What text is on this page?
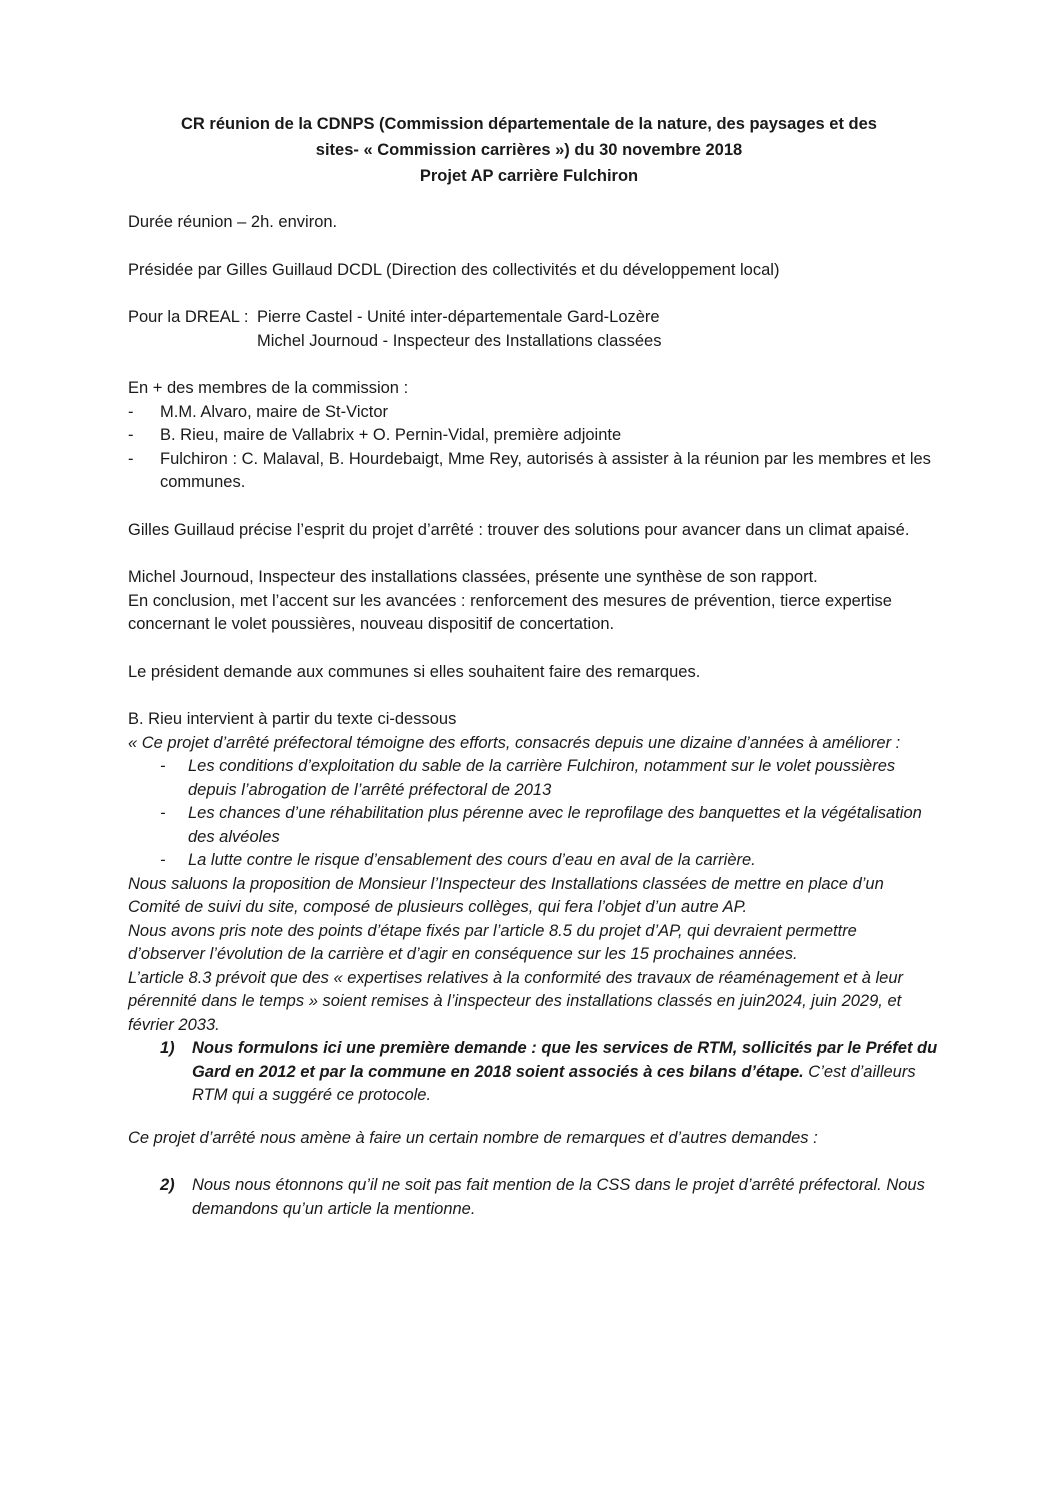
CR réunion de la CDNPS (Commission départementale de la nature, des paysages et des
sites- « Commission carrières ») du 30 novembre 2018
Projet AP carrière Fulchiron

Durée réunion – 2h. environ.

Présidée par Gilles Guillaud DCDL (Direction des collectivités et du développement local)

Pour la DREAL : Pierre Castel - Unité inter-départementale Gard-Lozère
Michel Journoud - Inspecteur des Installations classées

En + des membres de la commission :

- M.M. Alvaro, maire de St-Victor
- B. Rieu, maire de Vallabrix + O. Pernin-Vidal, première adjointe
- Fulchiron : C. Malaval, B. Hourdebaigt, Mme Rey, autorisés à assister à la réunion par les membres et les communes.

Gilles Guillaud précise l’esprit du projet d’arrêté : trouver des solutions pour avancer dans un climat apaisé.

Michel Journoud, Inspecteur des installations classées, présente une synthèse de son rapport.

En conclusion, met l’accent sur les avancées : renforcement des mesures de prévention, tierce expertise concernant le volet poussières, nouveau dispositif de concertation.

Le président demande aux communes si elles souhaitent faire des remarques.

B. Rieu intervient à partir du texte ci-dessous

« Ce projet d’arrêté préfectoral témoigne des efforts, consacrés depuis une dizaine d’années à améliorer :

- Les conditions d’exploitation du sable de la carrière Fulchiron, notamment sur le volet poussières depuis l’abrogation de l’arrêté préfectoral de 2013
- Les chances d’une réhabilitation plus pérenne avec le reprofilage des banquettes et la végétalisation des alvéoles
- La lutte contre le risque d’ensablement des cours d’eau en aval de la carrière.

Nous saluons la proposition de Monsieur l’Inspecteur des Installations classées de mettre en place d’un Comité de suivi du site, composé de plusieurs collèges, qui fera l’objet d’un autre AP.

Nous avons pris note des points d’étape fixés par l’article 8.5 du projet d’AP, qui devraient permettre d’observer l’évolution de la carrière et d’agir en conséquence sur les 15 prochaines années.

L’article 8.3 prévoit que des « expertises relatives à la conformité des travaux de réaménagement et à leur pérennité dans le temps » soient remises à l’inspecteur des installations classés en juin2024, juin 2029, et février 2033.

1) Nous formulons ici une première demande : que les services de RTM, sollicités par le Préfet du Gard en 2012 et par la commune en 2018 soient associés à ces bilans d’étape. C’est d’ailleurs RTM qui a suggéré ce protocole.

Ce projet d’arrêté nous amène à faire un certain nombre de remarques et d’autres demandes :

2) Nous nous étonnons qu’il ne soit pas fait mention de la CSS dans le projet d’arrêté préfectoral. Nous demandons qu’un article la mentionne.
